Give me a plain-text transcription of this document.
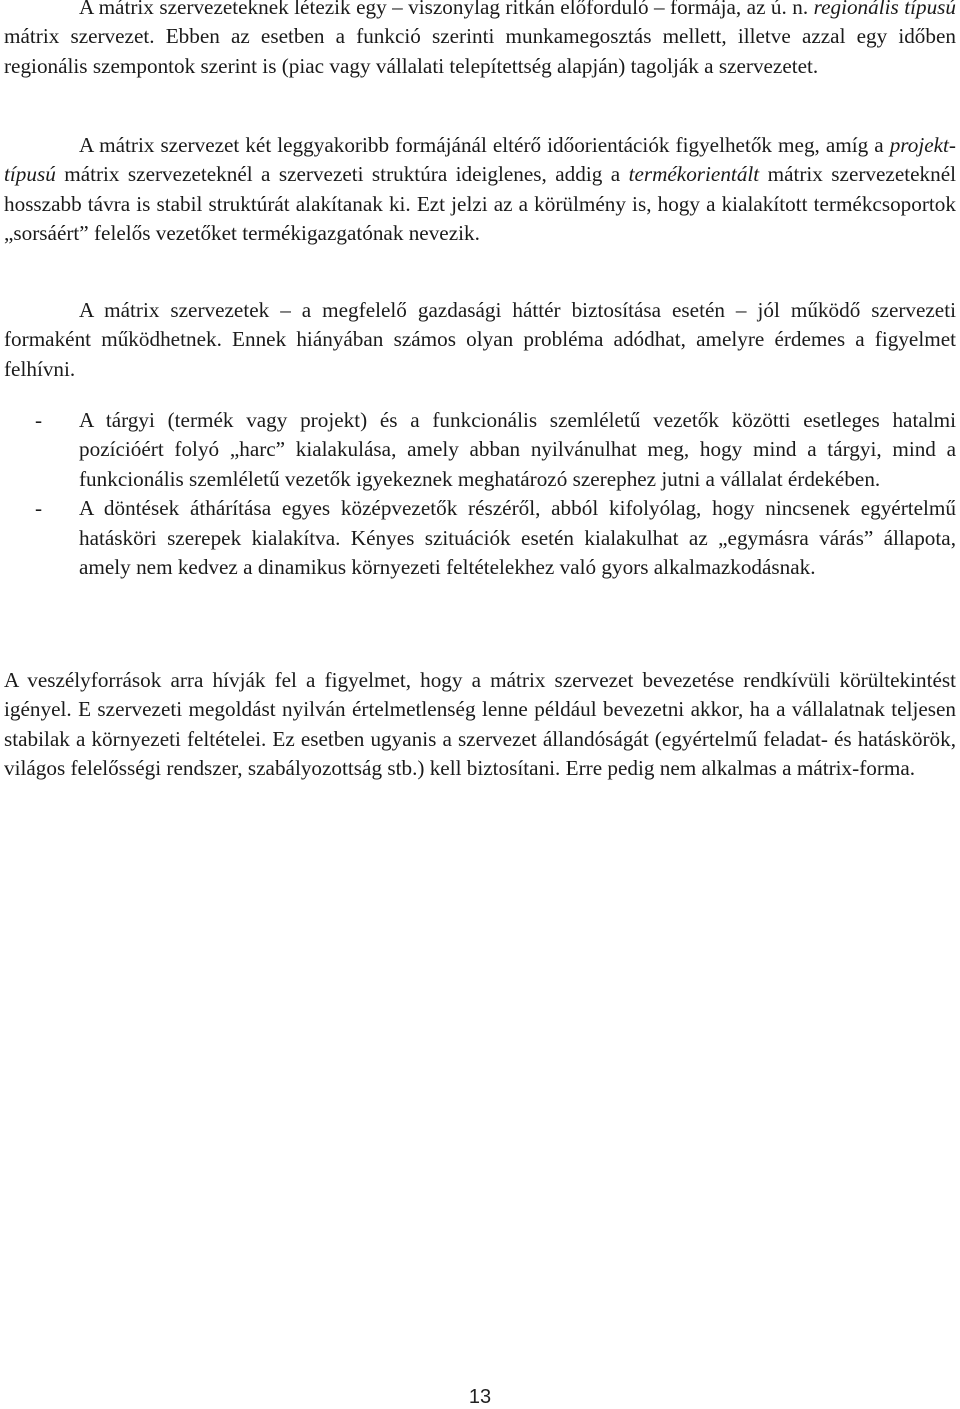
A mátrix szervezeteknek létezik egy – viszonylag ritkán előforduló – formája, az ú. n. regionális típusú mátrix szervezet. Ebben az esetben a funkció szerinti munkamegosztás mellett, illetve azzal egy időben regionális szempontok szerint is (piac vagy vállalati telepítettség alapján) tagolják a szervezetet.

A mátrix szervezet két leggyakoribb formájánál eltérő időorientációk figyelhetők meg, amíg a projekt-típusú mátrix szervezeteknél a szervezeti struktúra ideiglenes, addig a termékorientált mátrix szervezeteknél hosszabb távra is stabil struktúrát alakítanak ki. Ezt jelzi az a körülmény is, hogy a kialakított termékcsoportok „sorsáért” felelős vezetőket termékigazgatónak nevezik.

A mátrix szervezetek – a megfelelő gazdasági háttér biztosítása esetén – jól működő szervezeti formaként működhetnek. Ennek hiányában számos olyan probléma adódhat, amelyre érdemes a figyelmet felhívni.

- A tárgyi (termék vagy projekt) és a funkcionális szemléletű vezetők közötti esetleges hatalmi pozícióért folyó „harc” kialakulása, amely abban nyilvánulhat meg, hogy mind a tárgyi, mind a funkcionális szemléletű vezetők igyekeznek meghatározó szerephez jutni a vállalat érdekében.
- A döntések áthárítása egyes középvezetők részéről, abból kifolyólag, hogy nincsenek egyértelmű hatásköri szerepek kialakítva. Kényes szituációk esetén kialakulhat az „egymásra várás” állapota, amely nem kedvez a dinamikus környezeti feltételekhez való gyors alkalmazkodásnak.

A veszélyforrások arra hívják fel a figyelmet, hogy a mátrix szervezet bevezetése rendkívüli körültekintést igényel. E szervezeti megoldást nyilván értelmetlenség lenne például bevezetni akkor, ha a vállalatnak teljesen stabilak a környezeti feltételei. Ez esetben ugyanis a szervezet állandóságát (egyértelmű feladat- és hatáskörök, világos felelősségi rendszer, szabályozottság stb.) kell biztosítani. Erre pedig nem alkalmas a mátrix-forma.

13
